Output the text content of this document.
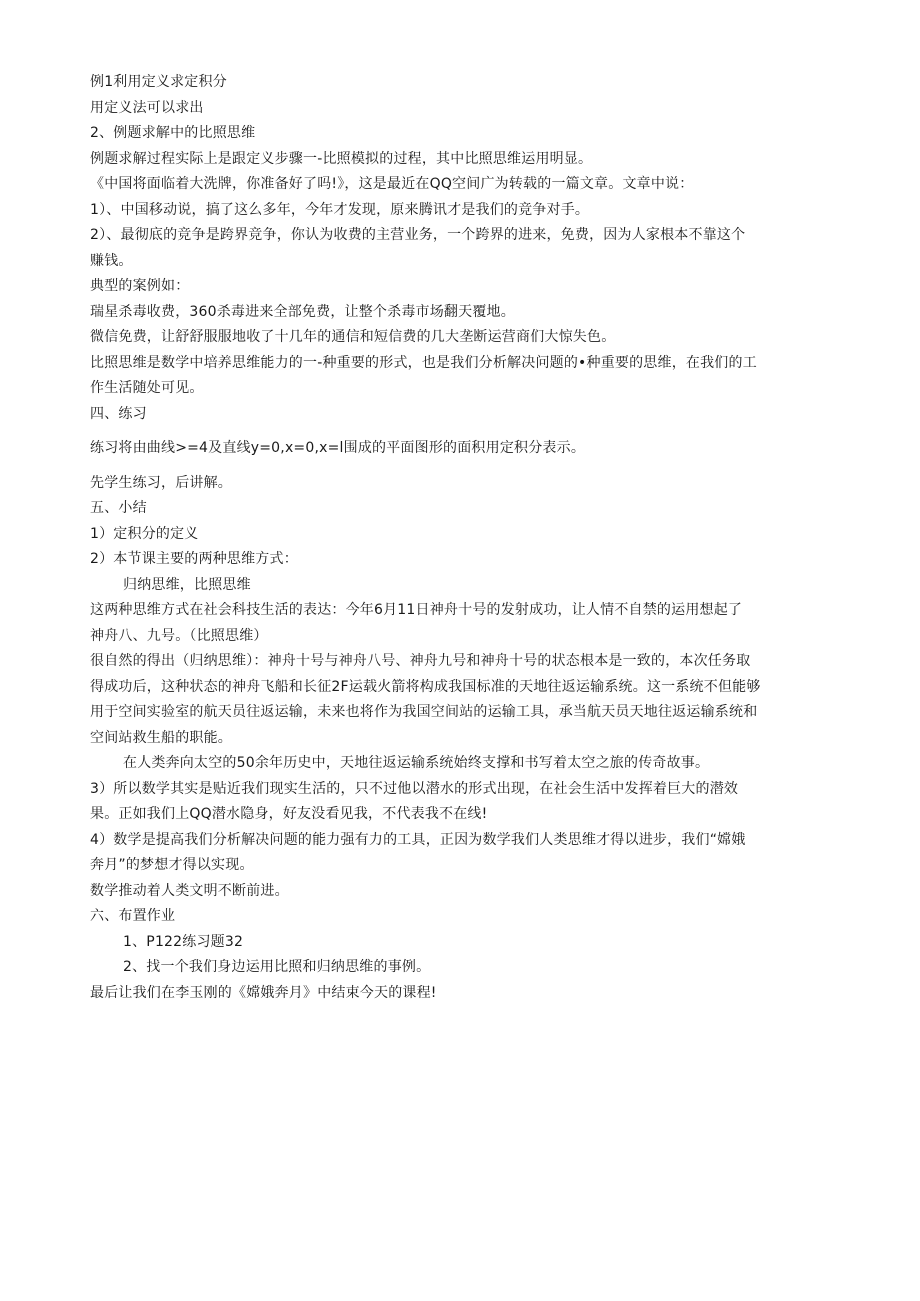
例1利用定义求定积分
用定义法可以求出
2、例题求解中的比照思维
例题求解过程实际上是跟定义步骤一-比照模拟的过程，其中比照思维运用明显。
《中国将面临着大洗牌，你准备好了吗!》，这是最近在QQ空间广为转载的一篇文章。文章中说：
1）、中国移动说，搞了这么多年，今年才发现，原来腾讯才是我们的竞争对手。
2）、最彻底的竞争是跨界竞争，你认为收费的主营业务，一个跨界的进来，免费，因为人家根本不靠这个
赚钱。
典型的案例如：
瑞星杀毒收费，360杀毒进来全部免费，让整个杀毒市场翻天覆地。
微信免费，让舒舒服服地收了十几年的通信和短信费的几大垄断运营商们大惊失色。
比照思维是数学中培养思维能力的一-种重要的形式，也是我们分析解决问题的•种重要的思维，在我们的工
作生活随处可见。
四、练习
练习将由曲线>=4及直线y=0,x=0,x=l围成的平面图形的面积用定积分表示。
先学生练习，后讲解。
五、小结
1）定积分的定义
2）本节课主要的两种思维方式：
归纳思维，比照思维
这两种思维方式在社会科技生活的表达：今年6月11日神舟十号的发射成功，让人情不自禁的运用想起了
神舟八、九号。（比照思维）
很自然的得出（归纳思维）：神舟十号与神舟八号、神舟九号和神舟十号的状态根本是一致的，本次任务取
得成功后，这种状态的神舟飞船和长征2F运载火箭将构成我国标准的天地往返运输系统。这一系统不但能够
用于空间实验室的航天员往返运输，未来也将作为我国空间站的运输工具，承当航天员天地往返运输系统和
空间站救生船的职能。
在人类奔向太空的50余年历史中，天地往返运输系统始终支撑和书写着太空之旅的传奇故事。
3）所以数学其实是贴近我们现实生活的，只不过他以潜水的形式出现，在社会生活中发挥着巨大的潜效
果。正如我们上QQ潜水隐身，好友没看见我，不代表我不在线!
4）数学是提高我们分析解决问题的能力强有力的工具，正因为数学我们人类思维才得以进步，我们“嫦娥
奔月”的梦想才得以实现。
数学推动着人类文明不断前进。
六、布置作业
1、P122练习题32
2、找一个我们身边运用比照和归纳思维的事例。
最后让我们在李玉刚的《嫦娥奔月》中结束今天的课程!
